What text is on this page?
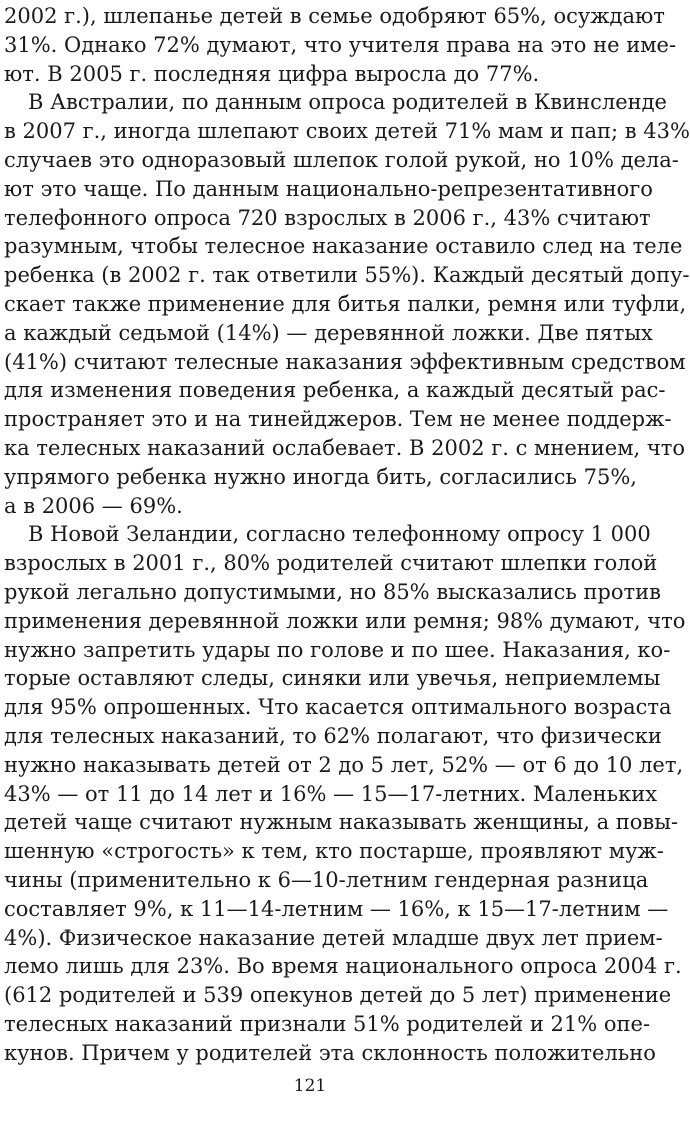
2002 г.), шлепанье детей в семье одобряют 65%, осуждают
31%. Однако 72% думают, что учителя права на это не име-
ют. В 2005 г. последняя цифра выросла до 77%.
В Австралии, по данным опроса родителей в Квинсленде
в 2007 г., иногда шлепают своих детей 71% мам и пап; в 43%
случаев это одноразовый шлепок голой рукой, но 10% дела-
ют это чаще. По данным национально-репрезентативного
телефонного опроса 720 взрослых в 2006 г., 43% считают
разумным, чтобы телесное наказание оставило след на теле
ребенка (в 2002 г. так ответили 55%). Каждый десятый допу-
скает также применение для битья палки, ремня или туфли,
а каждый седьмой (14%) — деревянной ложки. Две пятых
(41%) считают телесные наказания эффективным средством
для изменения поведения ребенка, а каждый десятый рас-
пространяет это и на тинейджеров. Тем не менее поддерж-
ка телесных наказаний ослабевает. В 2002 г. с мнением, что
упрямого ребенка нужно иногда бить, согласились 75%,
а в 2006 — 69%.
В Новой Зеландии, согласно телефонному опросу 1 000
взрослых в 2001 г., 80% родителей считают шлепки голой
рукой легально допустимыми, но 85% высказались против
применения деревянной ложки или ремня; 98% думают, что
нужно запретить удары по голове и по шее. Наказания, ко-
торые оставляют следы, синяки или увечья, неприемлемы
для 95% опрошенных. Что касается оптимального возраста
для телесных наказаний, то 62% полагают, что физически
нужно наказывать детей от 2 до 5 лет, 52% — от 6 до 10 лет,
43% — от 11 до 14 лет и 16% — 15—17-летних. Маленьких
детей чаще считают нужным наказывать женщины, а повы-
шенную «строгость» к тем, кто постарше, проявляют муж-
чины (применительно к 6—10-летним гендерная разница
составляет 9%, к 11—14-летним — 16%, к 15—17-летним —
4%). Физическое наказание детей младше двух лет прием-
лемо лишь для 23%. Во время национального опроса 2004 г.
(612 родителей и 539 опекунов детей до 5 лет) применение
телесных наказаний признали 51% родителей и 21% опе-
кунов. Причем у родителей эта склонность положительно
121
